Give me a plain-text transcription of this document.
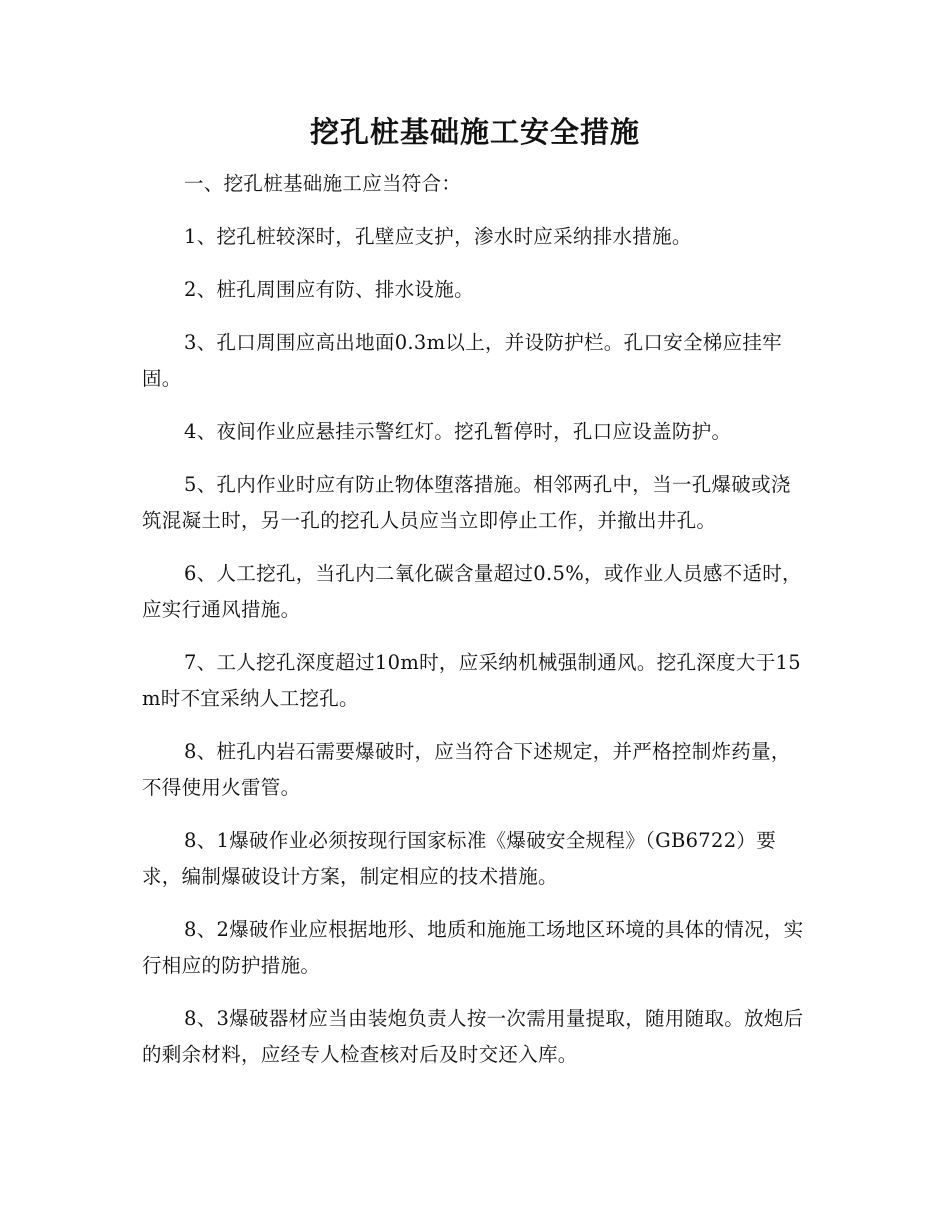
挖孔桩基础施工安全措施

一、挖孔桩基础施工应当符合：

1、挖孔桩较深时，孔壁应支护，渗水时应采纳排水措施。

2、桩孔周围应有防、排水设施。

3、孔口周围应高出地面0.3m以上，并设防护栏。孔口安全梯应挂牢固。

4、夜间作业应悬挂示警红灯。挖孔暂停时，孔口应设盖防护。

5、孔内作业时应有防止物体堕落措施。相邻两孔中，当一孔爆破或浇筑混凝土时，另一孔的挖孔人员应当立即停止工作，并撤出井孔。

6、人工挖孔，当孔内二氧化碳含量超过0.5%，或作业人员感不适时，应实行通风措施。

7、工人挖孔深度超过10m时，应采纳机械强制通风。挖孔深度大于15 m时不宜采纳人工挖孔。

8、桩孔内岩石需要爆破时，应当符合下述规定，并严格控制炸药量，不得使用火雷管。

8、1爆破作业必须按现行国家标准《爆破安全规程》（GB6722）要求，编制爆破设计方案，制定相应的技术措施。

8、2爆破作业应根据地形、地质和施施工场地区环境的具体的情况，实行相应的防护措施。

8、3爆破器材应当由装炮负责人按一次需用量提取，随用随取。放炮后的剩余材料，应经专人检查核对后及时交还入库。
